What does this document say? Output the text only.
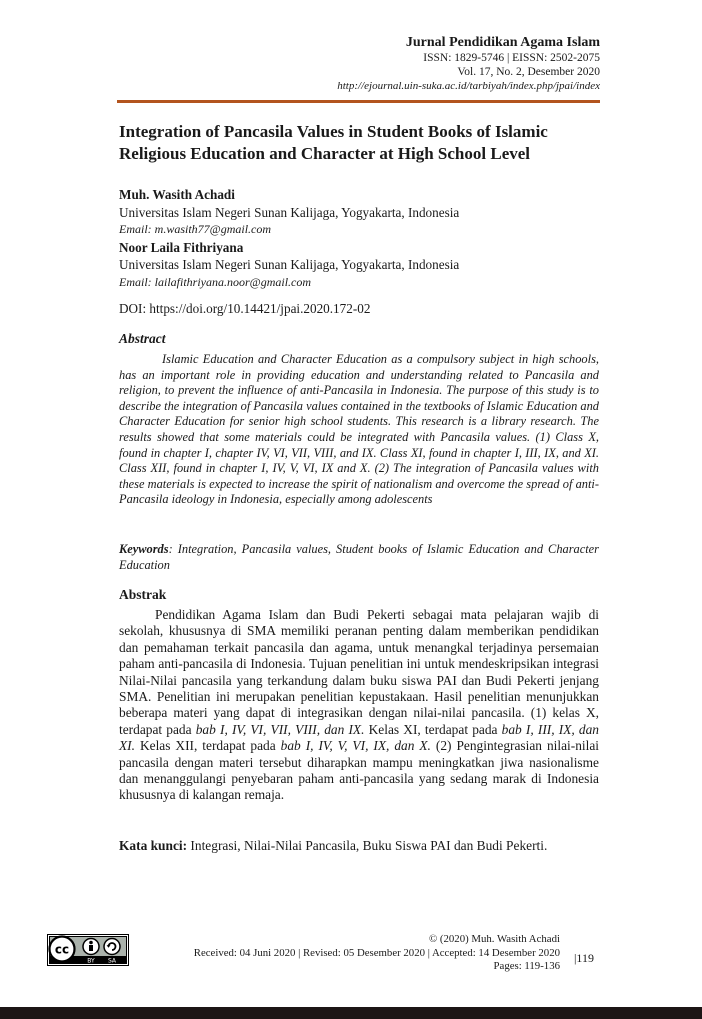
Jurnal Pendidikan Agama Islam
ISSN: 1829-5746 | EISSN: 2502-2075
Vol. 17, No. 2, Desember 2020
http://ejournal.uin-suka.ac.id/tarbiyah/index.php/jpai/index
Integration of Pancasila Values in Student Books of Islamic Religious Education and Character at High School Level
Muh. Wasith Achadi
Universitas Islam Negeri Sunan Kalijaga, Yogyakarta, Indonesia
Email: m.wasith77@gmail.com
Noor Laila Fithriyana
Universitas Islam Negeri Sunan Kalijaga, Yogyakarta, Indonesia
Email: lailafithriyana.noor@gmail.com
DOI: https://doi.org/10.14421/jpai.2020.172-02
Abstract

Islamic Education and Character Education as a compulsory subject in high schools, has an important role in providing education and understanding related to Pancasila and religion, to prevent the influence of anti-Pancasila in Indonesia. The purpose of this study is to describe the integration of Pancasila values contained in the textbooks of Islamic Education and Character Education for senior high school students. This research is a library research. The results showed that some materials could be integrated with Pancasila values. (1) Class X, found in chapter I, chapter IV, VI, VII, VIII, and IX. Class XI, found in chapter I, III, IX, and XI. Class XII, found in chapter I, IV, V, VI, IX and X. (2) The integration of Pancasila values with these materials is expected to increase the spirit of nationalism and overcome the spread of anti-Pancasila ideology in Indonesia, especially among adolescents

Keywords: Integration, Pancasila values, Student books of Islamic Education and Character Education

Abstrak

Pendidikan Agama Islam dan Budi Pekerti sebagai mata pelajaran wajib di sekolah, khususnya di SMA memiliki peranan penting dalam memberikan pendidikan dan pemahaman terkait pancasila dan agama, untuk menangkal terjadinya persemaian paham anti-pancasila di Indonesia. Tujuan penelitian ini untuk mendeskripsikan integrasi Nilai-Nilai pancasila yang terkandung dalam buku siswa PAI dan Budi Pekerti jenjang SMA. Penelitian ini merupakan penelitian kepustakaan. Hasil penelitian menunjukkan beberapa materi yang dapat di integrasikan dengan nilai-nilai pancasila. (1) kelas X, terdapat pada bab I, IV, VI, VII, VIII, dan IX. Kelas XI, terdapat pada bab I, III, IX, dan XI. Kelas XII, terdapat pada bab I, IV, V, VI, IX, dan X. (2) Pengintegrasian nilai-nilai pancasila dengan materi tersebut diharapkan mampu meningkatkan jiwa nasionalisme dan menanggulangi penyebaran paham anti-pancasila yang sedang marak di Indonesia khususnya di kalangan remaja.

Kata kunci: Integrasi, Nilai-Nilai Pancasila, Buku Siswa PAI dan Budi Pekerti.

cc
BY SA
© (2020) Muh. Wasith Achadi
Received: 04 Juni 2020 | Revised: 05 Desember 2020 | Accepted: 14 Desember 2020
Pages: 119-136
|119
